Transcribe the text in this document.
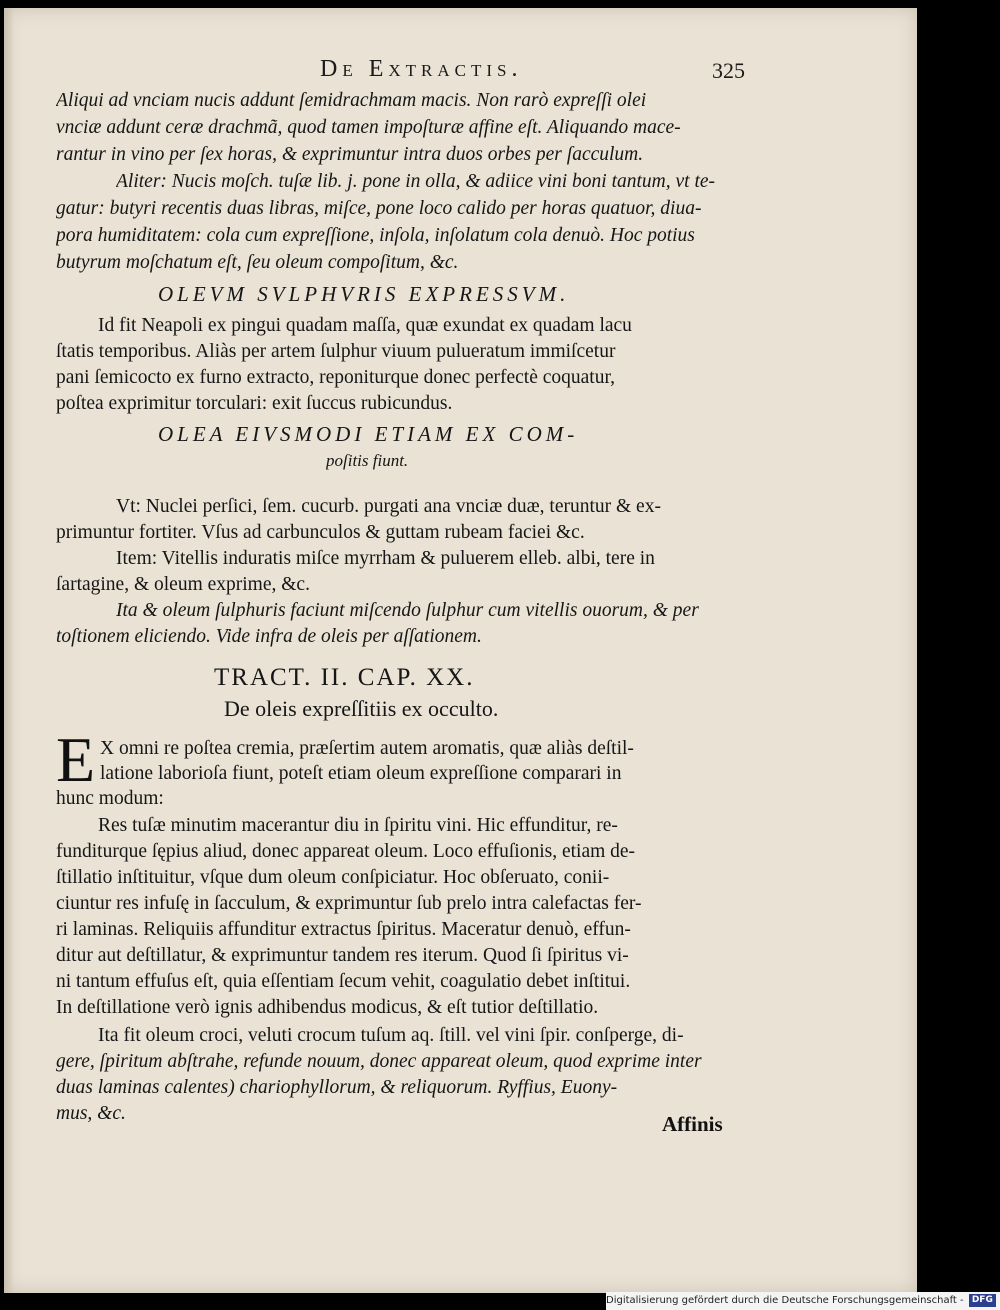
De Extractis.	325
Aliqui ad vnciam nucis addunt ſemidrachmam macis. Non rarò expreſſi olei
vnciæ addunt ceræ drachmã, quod tamen impoſturæ affine eſt. Aliquando mace-
rantur in vino per ſex horas, & exprimuntur intra duos orbes per ſacculum.
Aliter: Nucis moſch. tuſæ lib. j. pone in olla, & adiice vini boni tantum, vt te-
gatur: butyri recentis duas libras, miſce, pone loco calido per horas quatuor, diua-
pora humiditatem: cola cum expreſſione, inſola, inſolatum cola denuò. Hoc potius
butyrum moſchatum eſt, ſeu oleum compoſitum, &c.
OLEVM SVLPHVRIS EXPRESSVM.
Id fit Neapoli ex pingui quadam maſſa, quæ exundat ex quadam lacu
ſtatis temporibus. Aliàs per artem ſulphur viuum pulueratum immiſcetur
pani ſemicocto ex furno extracto, reponiturque donec perfectè coquatur,
poſtea exprimitur torculari: exit ſuccus rubicundus.
OLEA EIVSMODI ETIAM EX COM-
poſitis fiunt.
Vt: Nuclei perſici, ſem. cucurb. purgati ana vnciæ duæ, teruntur & ex-
primuntur fortiter. Vſus ad carbunculos & guttam rubeam faciei &c.
Item: Vitellis induratis miſce myrrham & puluerem elleb. albi, tere in
ſartagine, & oleum exprime, &c.
Ita & oleum ſulphuris faciunt miſcendo ſulphur cum vitellis ouorum, & per
toſtionem eliciendo. Vide infra de oleis per aſſationem.
TRACT. II. CAP. XX.
De oleis expreſſitiis ex occulto.
E X omni re poſtea cremia, præſertim autem aromatis, quæ aliàs deſtil-
latione laborioſa fiunt, poteſt etiam oleum expreſſione comparari in
hunc modum:
Res tuſæ minutim macerantur diu in ſpiritu vini. Hic effunditur, re-
funditurque ſępius aliud, donec appareat oleum. Loco effuſionis, etiam de-
ſtillatio inſtituitur, vſque dum oleum conſpiciatur. Hoc obſeruato, conii-
ciuntur res infuſę in ſacculum, & exprimuntur ſub prelo intra calefactas fer-
ri laminas. Reliquiis affunditur extractus ſpiritus. Maceratur denuò, effun-
ditur aut deſtillatur, & exprimuntur tandem res iterum. Quod ſi ſpiritus vi-
ni tantum effuſus eſt, quia eſſentiam ſecum vehit, coagulatio debet inſtitui.
In deſtillatione verò ignis adhibendus modicus, & eſt tutior deſtillatio.
Ita fit oleum croci, veluti crocum tuſum aq. ſtill. vel vini ſpir. conſperge, di-
gere, ſpiritum abſtrahe, refunde nouum, donec appareat oleum, quod exprime inter
duas laminas calentes) chariophyllorum, & reliquorum. Ryffius, Euony-
mus, &c.	Affinis
Digitalisierung gefördert durch die Deutsche Forschungsgemeinschaft - DFG
